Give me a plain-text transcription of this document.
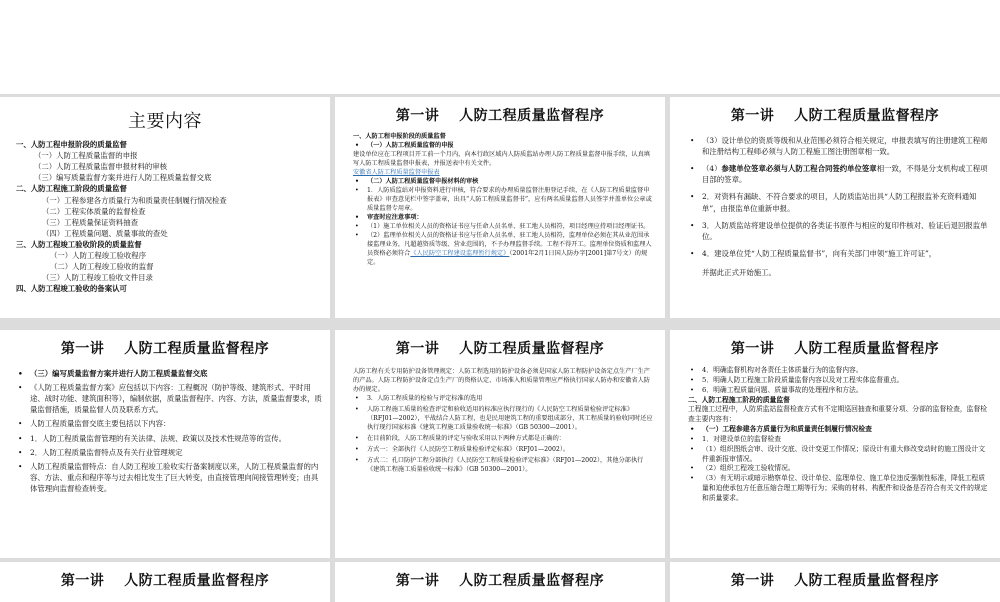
主要内容
一、人防工程申报阶段的质量监督
（一）人防工程质量监督的申报
（二）人防工程质量监督申报材料的审核
（三）编写质量监督方案并进行人防工程质量监督交底
二、人防工程施工阶段的质量监督
（一）工程参建各方质量行为和质量责任制履行情况检查
（二）工程实体质量的监督检查
（三）工程质量保证资料抽查
（四）工程质量问题、质量事故的查处
三、人防工程竣工验收阶段的质量监督
（一）人防工程竣工验收程序
（二）人防工程竣工验收的监督
（三）人防工程竣工验收文件目录
四、人防工程竣工验收的备案认可
第一讲　 人防工程质量监督程序
一、人防工程申报阶段的质量监督
• （一）人防工程质量监督的申报
建设单位应在工程项目开工前一个月内，向本行政区域内人防质监站办理人防工程质量监督申报手续，认真填写人防工程质量监督申报表，并报送表中有关文件。
安徽省人防工程质量监督申报表
• （二）人防工程质量监督申报材料的审核
• 1．人防质监站对申报资料进行审核，符合要求的办理质量监督注册登记手续，在《人防工程质量监督申报表》审查意见栏中签字盖章，出具“人防工程质量监督书”，应有两名质量监督人员签字并盖单位公章或质量监督专用章。
• 审查时应注意事项：
• （1）施工单位相关人员的资格证书应与任命人员名单、驻工地人员相符，项目经理应持项目经理证书。
• （2）监理单位相关人员的资格证书应与任命人员名单、驻工地人员相符，监理单位必须在其从业范围承接监理业务，凡超越资质等级、营业范围的，不予办理监督手续。工程不得开工。监理单位资质和监理人员资格必须符合《人民防空工程建设监理暂行规定》（2001年2月1日国人防办字[2001]第7号文）的规定。
第一讲　 人防工程质量监督程序
• （3）设计单位的资质等级和从业范围必须符合相关规定，申报表填写的注册建筑工程师和注册结构工程师必须与人防工程施工图注册图章相一致。
• （4）参建单位签章必须与人防工程合同签约单位签章相一致，不得是分支机构或工程项目部的签章。
• 2．对资料有漏缺、不符合要求的项目，人防质监站出具“人防工程报监补充资料通知单”，由报监单位重新申报。
• 3．人防质监站将建设单位提供的各类证书原件与相应的复印件核对、验证后退回报监单位。
• 4．建设单位凭“人防工程质量监督书”，向有关部门申领“施工许可证”，
并据此正式开始施工。
第一讲　 人防工程质量监督程序
• （三）编写质量监督方案并进行人防工程质量监督交底
• 《人防工程质量监督方案》应包括以下内容：工程概况（防护等级、建筑形式、平时用途、战时功能、建筑面积等），编制依据，质量监督程序、内容、方法，质量监督要求，质量监督措施，质量监督人员及联系方式。
• 人防工程质量监督交底主要包括以下内容：
• 1．人防工程质量监督管理的有关法律、法规、政策以及技术性规范等的宣传。
• 2．人防工程质量监督特点及有关行业管理规定
• 人防工程质量监督特点：自人防工程竣工验收实行备案制度以来，人防工程质量监督的内容、方法、重点和程序等与过去相比发生了巨大转变，由直接管理向间接管理转变；由具体管理向监督检查转变。
第一讲　 人防工程质量监督程序
人防工程有关专用防护设备管理规定：人防工程选用的防护设备必须是国家人防工程防护设备定点生产厂生产的产品。人防工程防护设备定点生产厂的资格认定、市场准入和质量管理应严格执行国家人防办和安徽省人防办的规定。
• 3．人防工程质量的检验与评定标准的选用
• 人防工程施工质量的检查评定和验收适用的标准应执行现行的《人民防空工程质量检验评定标准》（RFJ01—2002），平战结合人防工程，也是民用建筑工程的重要组成部分，其工程质量的验收同时还应执行现行国家标准《建筑工程施工质量验收统一标准》（GB 50300—2001）。
• 在目前阶段，人防工程质量的评定与验收采用以下两种方式都是正确的：
• 方式一：全部执行《人民防空工程质量检验评定标准》（RFJ01—2002）。
• 方式二：孔口防护工程分部执行《人民防空工程质量检验评定标准》（RFJ01—2002），其他分部执行《建筑工程施工质量验收统一标准》（GB 50300—2001）。
第一讲　 人防工程质量监督程序
• 4．明确监督机构对各责任主体质量行为的监督内容。
• 5．明确人防工程施工阶段质量监督内容以及对工程实体监督重点。
• 6．明确工程质量问题、质量事故的处理程序和方法。
二、人防工程施工阶段的质量监督
工程施工过程中，人防质监站监督检查方式有不定期巡回抽查和重要分项、分部的监督检查，监督检查主要内容有：
• （一）工程参建各方质量行为和质量责任制履行情况检查
• 1．对建设单位的监督检查
• （1）组织图纸会审、设计交底、设计变更工作情况；原设计有重大修改变动时的施工图设计文件重新报审情况。
• （2）组织工程竣工验收情况。
• （3）有无明示或暗示勘察单位、设计单位、监理单位、施工单位违反强制性标准，降低工程质量和迫使承包方任意压缩合理工期等行为；采购的材料、构配件和设备是否符合有关文件的规定和质量要求。
第一讲　 人防工程质量监督程序	第一讲　 人防工程质量监督程序	第一讲　 人防工程质量监督程序
